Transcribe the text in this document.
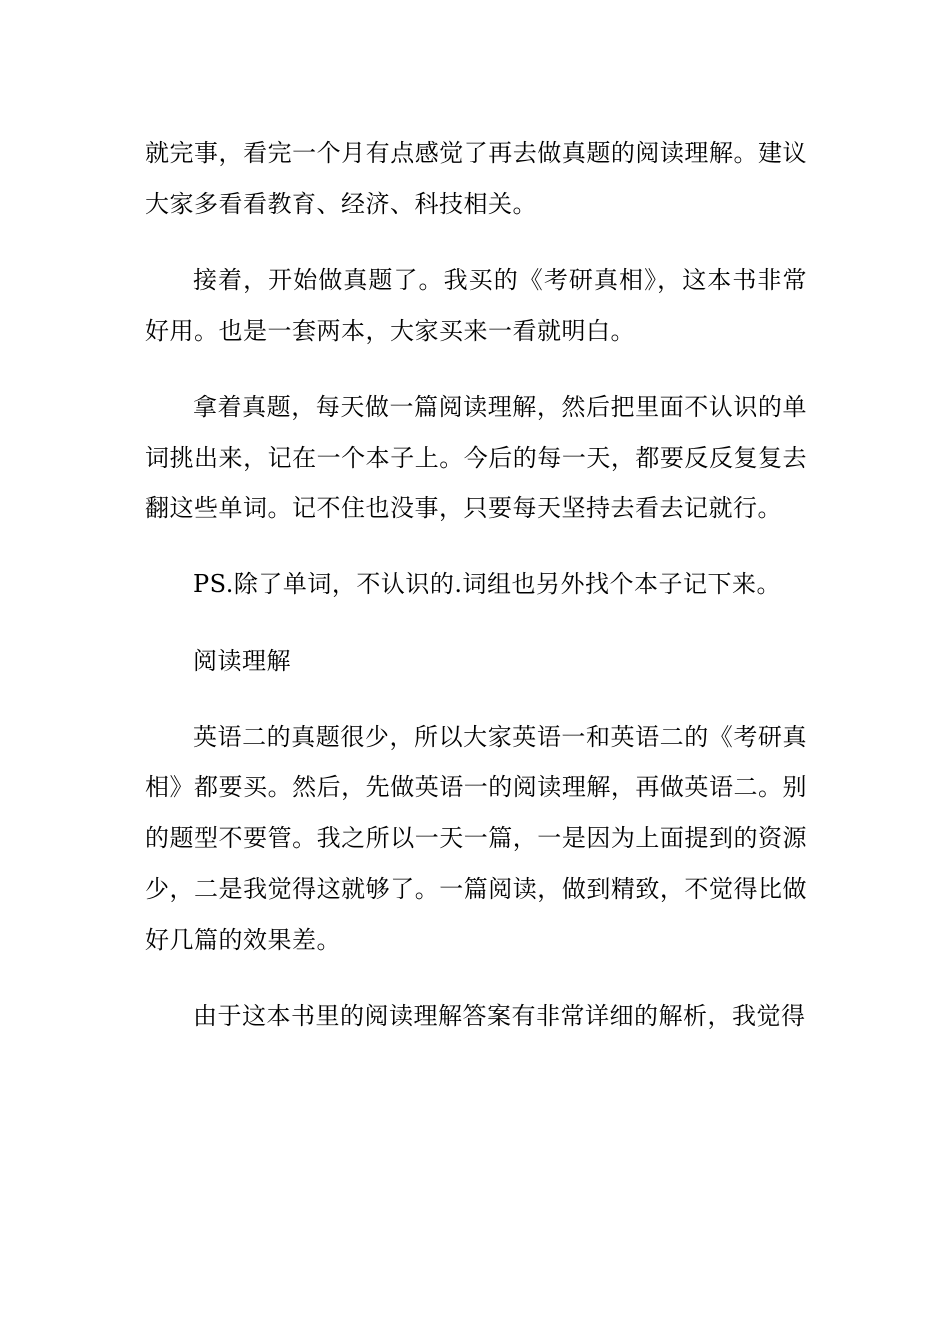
就完事，看完一个月有点感觉了再去做真题的阅读理解。建议大家多看看教育、经济、科技相关。

接着，开始做真题了。我买的《考研真相》，这本书非常好用。也是一套两本，大家买来一看就明白。

拿着真题，每天做一篇阅读理解，然后把里面不认识的单词挑出来，记在一个本子上。今后的每一天，都要反反复复去翻这些单词。记不住也没事，只要每天坚持去看去记就行。

PS.除了单词，不认识的.词组也另外找个本子记下来。

阅读理解

英语二的真题很少，所以大家英语一和英语二的《考研真相》都要买。然后，先做英语一的阅读理解，再做英语二。别的题型不要管。我之所以一天一篇，一是因为上面提到的资源少，二是我觉得这就够了。一篇阅读，做到精致，不觉得比做好几篇的效果差。

由于这本书里的阅读理解答案有非常详细的解析，我觉得
